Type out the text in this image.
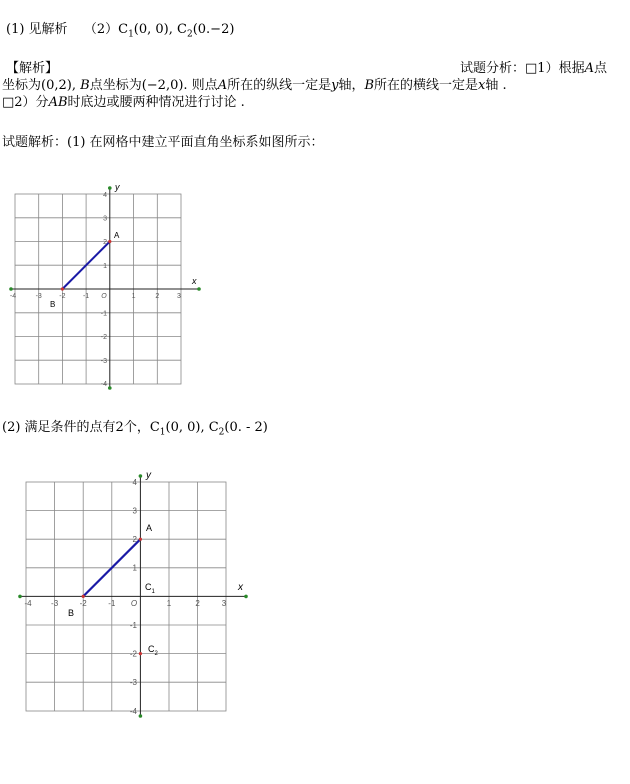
(1) 见解析 $(2)C_1(0$, 0), $C_2(0.-2)$
【解析】	试题分析：□1）根据A点
坐标为(0,2), B点坐标为(−2,0). 则点A所在的纵线一定是y轴，B所在的横线一定是x轴 .
□2）分AB时底边或腰两种情况进行讨论 .
试题解析：(1) 在网格中建立平面直角坐标系如图所示：
x
y
A
B
-4	-3 -2 -1 O	1	2	3
4
3
2
1
-1
-2
-3
-4
(2) 满足条件的点有2个，$C_1(0$, 0), $C_2(0$. - 2)
x
y
A
B
$C_1$
$C_2$
-4 -3	-2	-1 O	1	2	3
4
3
2
1
-1
-2
-3
-4
